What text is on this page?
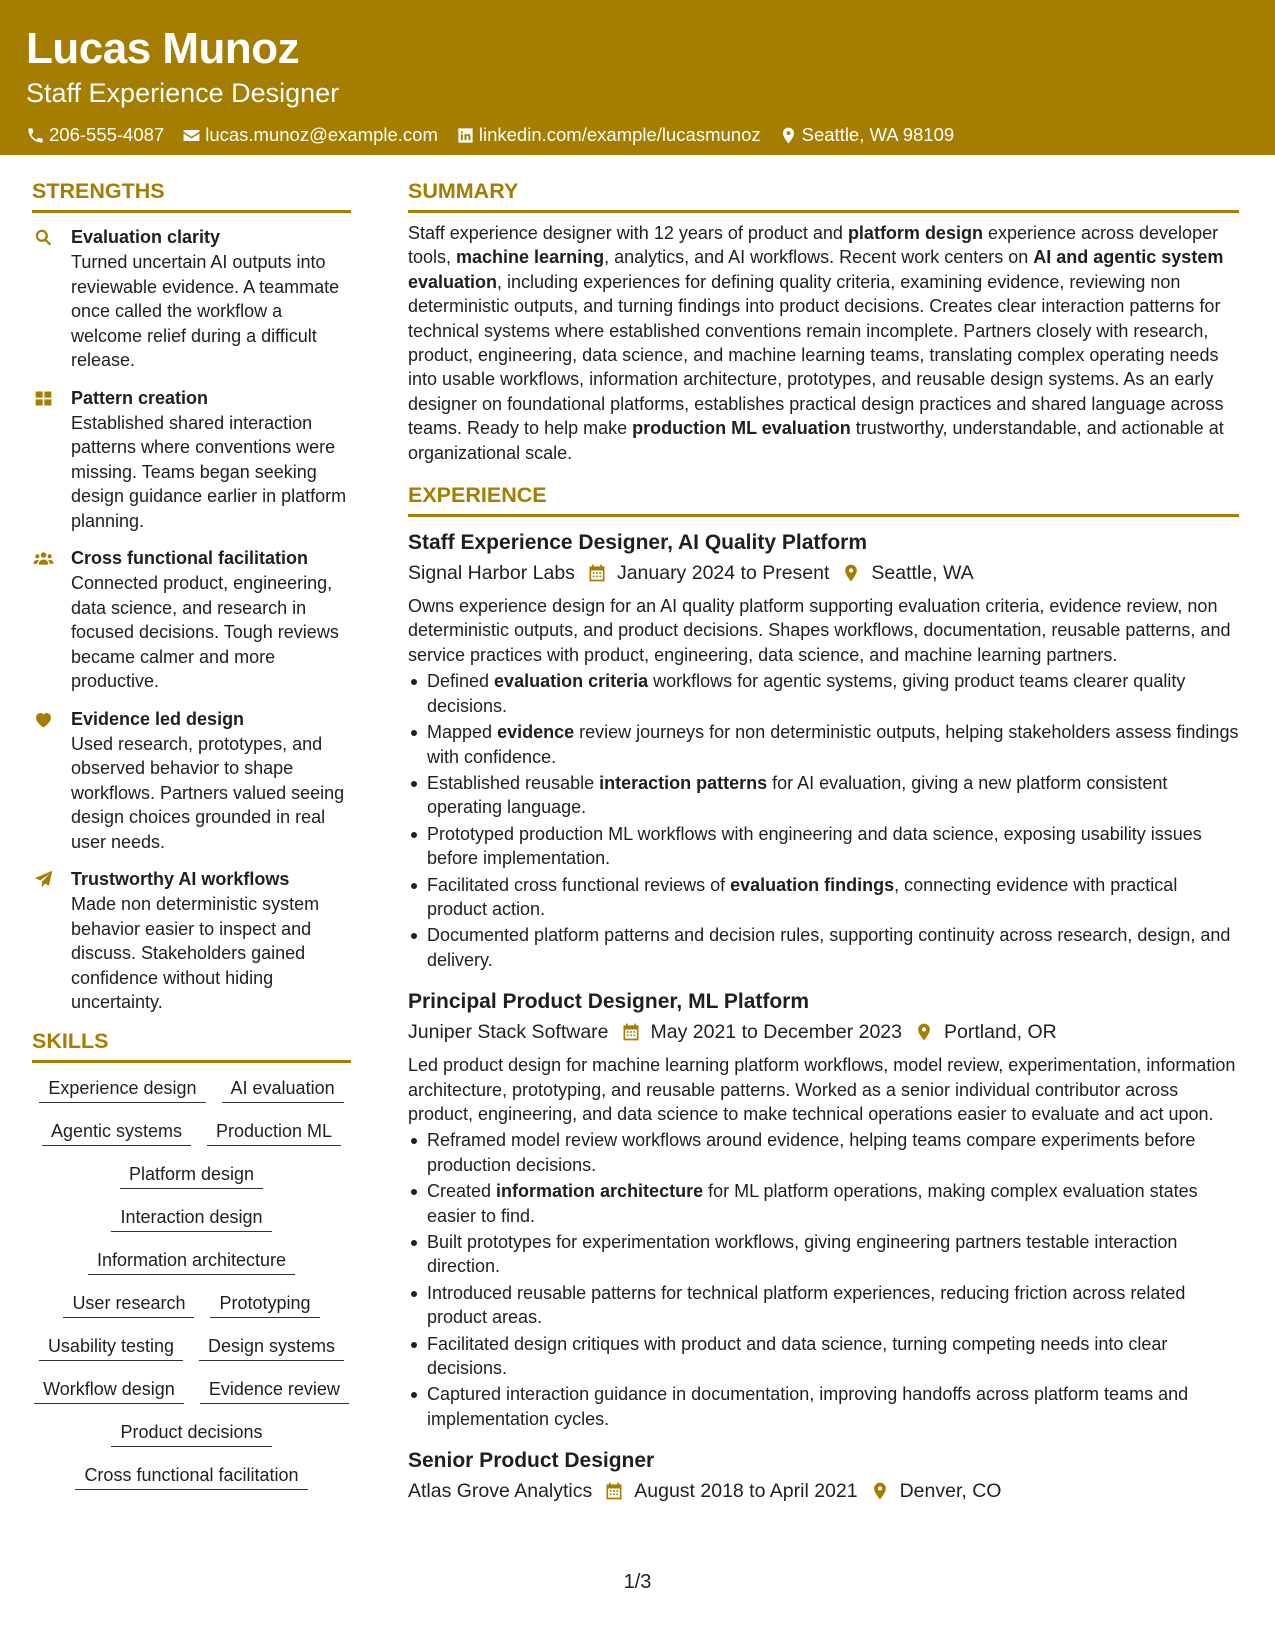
Lucas Munoz
Staff Experience Designer
206-555-4087 lucas.munoz@example.com linkedin.com/example/lucasmunoz Seattle, WA 98109
STRENGTHS
Evaluation clarity
Turned uncertain AI outputs into reviewable evidence. A teammate once called the workflow a welcome relief during a difficult release.
Pattern creation
Established shared interaction patterns where conventions were missing. Teams began seeking design guidance earlier in platform planning.
Cross functional facilitation
Connected product, engineering, data science, and research in focused decisions. Tough reviews became calmer and more productive.
Evidence led design
Used research, prototypes, and observed behavior to shape workflows. Partners valued seeing design choices grounded in real user needs.
Trustworthy AI workflows
Made non deterministic system behavior easier to inspect and discuss. Stakeholders gained confidence without hiding uncertainty.
SKILLS
Experience design	AI evaluation
Agentic systems	Production ML
Platform design
Interaction design
Information architecture
User research	Prototyping
Usability testing	Design systems
Workflow design	Evidence review
Product decisions
Cross functional facilitation
SUMMARY
Staff experience designer with 12 years of product and platform design experience across developer tools, machine learning, analytics, and AI workflows. Recent work centers on AI and agentic system evaluation, including experiences for defining quality criteria, examining evidence, reviewing non deterministic outputs, and turning findings into product decisions. Creates clear interaction patterns for technical systems where established conventions remain incomplete. Partners closely with research, product, engineering, data science, and machine learning teams, translating complex operating needs into usable workflows, information architecture, prototypes, and reusable design systems. As an early designer on foundational platforms, establishes practical design practices and shared language across teams. Ready to help make production ML evaluation trustworthy, understandable, and actionable at organizational scale.
EXPERIENCE
Staff Experience Designer, AI Quality Platform
Signal Harbor Labs January 2024 to Present Seattle, WA
Owns experience design for an AI quality platform supporting evaluation criteria, evidence review, non deterministic outputs, and product decisions. Shapes workflows, documentation, reusable patterns, and service practices with product, engineering, data science, and machine learning partners.
Defined evaluation criteria workflows for agentic systems, giving product teams clearer quality decisions.
Mapped evidence review journeys for non deterministic outputs, helping stakeholders assess findings with confidence.
Established reusable interaction patterns for AI evaluation, giving a new platform consistent operating language.
Prototyped production ML workflows with engineering and data science, exposing usability issues before implementation.
Facilitated cross functional reviews of evaluation findings, connecting evidence with practical product action.
Documented platform patterns and decision rules, supporting continuity across research, design, and delivery.
Principal Product Designer, ML Platform
Juniper Stack Software May 2021 to December 2023 Portland, OR
Led product design for machine learning platform workflows, model review, experimentation, information architecture, prototyping, and reusable patterns. Worked as a senior individual contributor across product, engineering, and data science to make technical operations easier to evaluate and act upon.
Reframed model review workflows around evidence, helping teams compare experiments before production decisions.
Created information architecture for ML platform operations, making complex evaluation states easier to find.
Built prototypes for experimentation workflows, giving engineering partners testable interaction direction.
Introduced reusable patterns for technical platform experiences, reducing friction across related product areas.
Facilitated design critiques with product and data science, turning competing needs into clear decisions.
Captured interaction guidance in documentation, improving handoffs across platform teams and implementation cycles.
Senior Product Designer
Atlas Grove Analytics August 2018 to April 2021 Denver, CO
1/3
